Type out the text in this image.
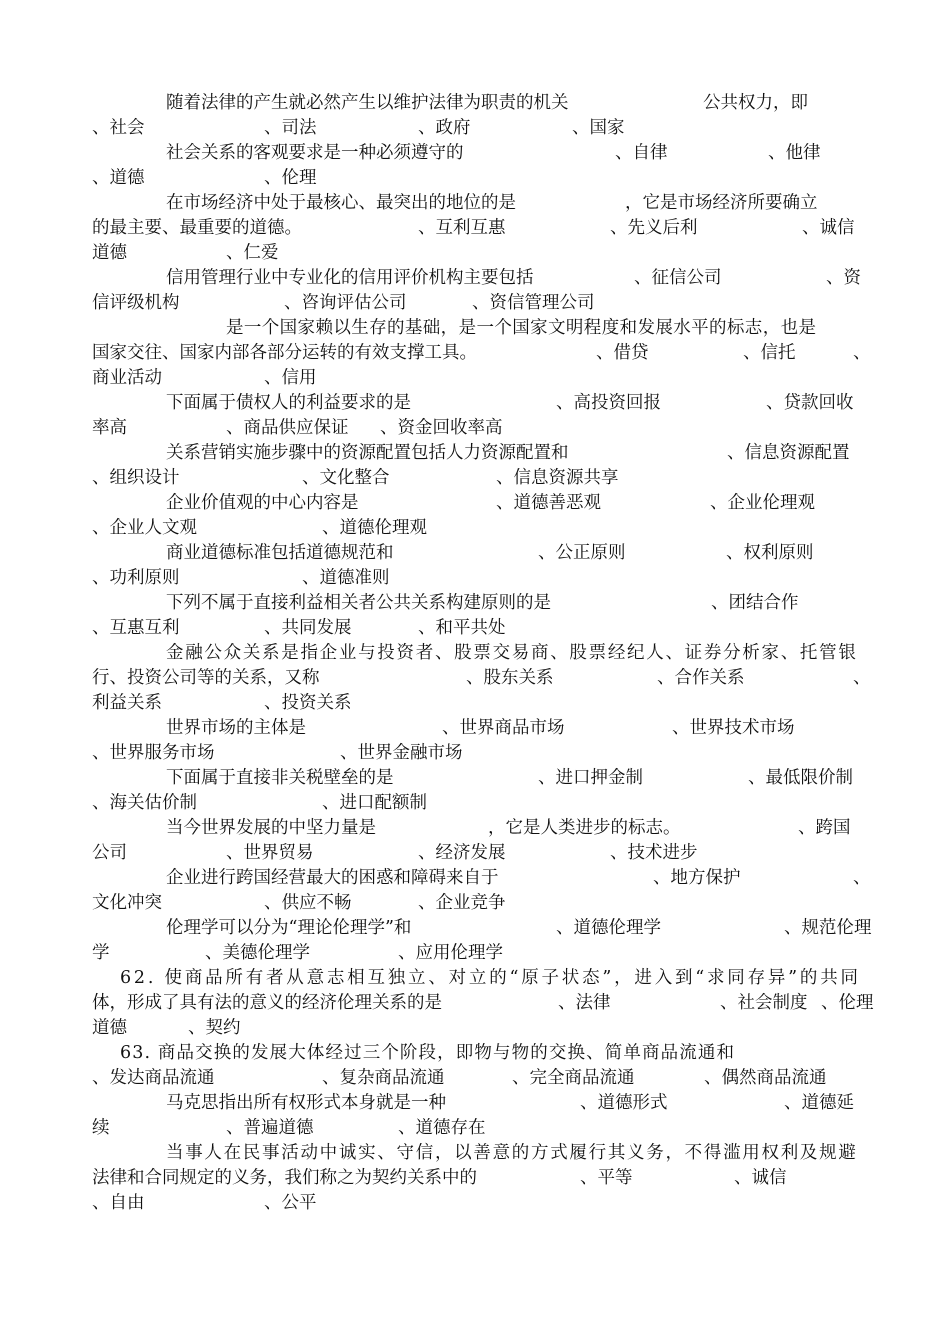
随着法律的产生就必然产生以维护法律为职责的机关	公共权力，即
、社会	、司法	、政府	、国家
社会关系的客观要求是一种必须遵守的	、自律	、他律
、道德	、伦理
在市场经济中处于最核心、最突出的地位的是	，它是市场经济所要确立
的最主要、最重要的道德。	、互利互惠	、先义后利	、诚信
道德	、仁爱
信用管理行业中专业化的信用评价机构主要包括	、征信公司	、资
信评级机构	、咨询评估公司	、资信管理公司
是一个国家赖以生存的基础，是一个国家文明程度和发展水平的标志，也是
国家交往、国家内部各部分运转的有效支撑工具。	、借贷	、信托	、
商业活动	、信用
下面属于债权人的利益要求的是	、高投资回报	、贷款回收
率高	、商品供应保证 、资金回收率高
关系营销实施步骤中的资源配置包括人力资源配置和	、信息资源配置
、组织设计	、文化整合	、信息资源共享
企业价值观的中心内容是	、道德善恶观	、企业伦理观
、企业人文观	、道德伦理观
商业道德标准包括道德规范和	、公正原则	、权利原则
、功利原则	、道德准则
下列不属于直接利益相关者公共关系构建原则的是	、团结合作
、互惠互利	、共同发展	、和平共处
金融公众关系是指企业与投资者、股票交易商、股票经纪人、证券分析家、托管银
行、投资公司等的关系，又称	、股东关系	、合作关系	、
利益关系	、投资关系
世界市场的主体是	、世界商品市场	、世界技术市场
、世界服务市场	、世界金融市场
下面属于直接非关税壁垒的是	、进口押金制	、最低限价制
、海关估价制	、进口配额制
当今世界发展的中坚力量是	，它是人类进步的标志。	、跨国
公司	、世界贸易	、经济发展	、技术进步
企业进行跨国经营最大的困惑和障碍来自于	、地方保护	、
文化冲突	、供应不畅	、企业竞争
伦理学可以分为“理论伦理学”和	、道德伦理学	、规范伦理
学	、美德伦理学	、应用伦理学
62. 使商品所有者从意志相互独立、对立的“原子状态”，进入到“求同存异”的共同
体，形成了具有法的意义的经济伦理关系的是	、法律	、社会制度 、伦理
道德	、契约
63. 商品交换的发展大体经过三个阶段，即物与物的交换、简单商品流通和
、发达商品流通	、复杂商品流通	、完全商品流通	、偶然商品流通
马克思指出所有权形式本身就是一种	、道德形式	、道德延
续	、普遍道德	、道德存在
当事人在民事活动中诚实、守信，以善意的方式履行其义务，不得滥用权利及规避
法律和合同规定的义务，我们称之为契约关系中的	、平等	、诚信
、自由	、公平
